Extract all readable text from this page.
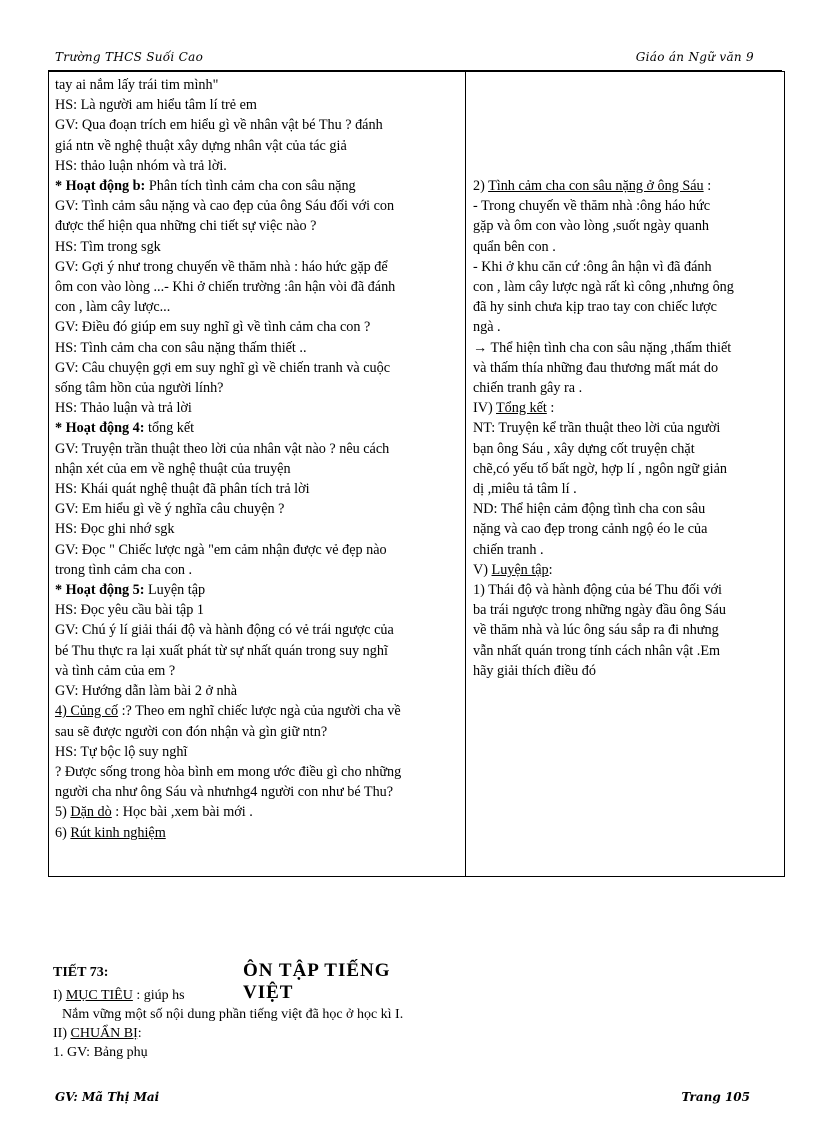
Trường THCS Suối Cao	Giáo án Ngữ văn 9
tay ai nắm lấy trái tim mình"
HS: Là người am hiểu tâm lí trẻ em
GV: Qua đoạn trích em hiểu gì về nhân vật bé Thu ? đánh
giá ntn về nghệ thuật xây dựng nhân vật của tác giả
HS: thảo luận nhóm và trả lời.
* Hoạt động b: Phân tích tình cảm cha con sâu nặng
GV: Tình cảm sâu nặng và cao đẹp của ông Sáu đối với con
được thể hiện qua những chi tiết sự việc nào ?
HS: Tìm trong sgk
GV: Gợi ý như trong chuyến về thăm nhà : háo hức gặp để
ôm con vào lòng ...- Khi ở chiến trường :ân hận vòi đã đánh
con , làm cây lược...
GV: Điều đó giúp em suy nghĩ gì về tình cảm cha con ?
HS: Tình cảm cha con sâu nặng thấm thiết ..
GV: Câu chuyện gợi em suy nghĩ gì về chiến tranh và cuộc
sống tâm hồn của người lính?
HS: Thảo luận và trả lời
* Hoạt động 4: tổng kết
GV: Truyện trần thuật theo lời của nhân vật nào ? nêu cách
nhận xét của em về nghệ thuật của truyện
HS: Khái quát nghệ thuật đã phân tích trả lời
GV: Em hiểu gì về ý nghĩa câu chuyện ?
HS: Đọc ghi nhớ sgk
GV: Đọc " Chiếc lược ngà "em cảm nhận được vẻ đẹp nào
trong tình cảm cha con .
* Hoạt động 5: Luyện tập
HS: Đọc yêu cầu bài tập 1
GV: Chú ý lí giải thái độ và hành động có vẻ trái ngược của
bé Thu thực ra lại xuất phát từ sự nhất quán trong suy nghĩ
và tình cảm của em ?
GV: Hướng dẫn làm bài 2 ở nhà
4) Củng cố :? Theo em nghĩ chiếc lược ngà của người cha về
sau sẽ được người con đón nhận và gìn giữ ntn?
HS: Tự bộc lộ suy nghĩ
? Được sống trong hòa bình em mong ước điều gì cho những
người cha như ông Sáu và nhưnhg4 người con như bé Thu?
5) Dặn dò : Học bài ,xem bài mới .
6) Rút kinh nghiệm

2) Tình cảm cha con sâu nặng ở ông Sáu :
- Trong chuyến về thăm nhà :ông háo hức
gặp và ôm con vào lòng ,suốt ngày quanh
quẩn bên con .
- Khi ở khu căn cứ :ông ân hận vì đã đánh
con , làm cây lược ngà rất kì công ,nhưng ông
đã hy sinh chưa kịp trao tay con chiếc lược
ngà .
→ Thể hiện tình cha con sâu nặng ,thấm thiết
và thấm thía những đau thương mất mát do
chiến tranh gây ra .
IV) Tổng kết :
NT: Truyện kể trần thuật theo lời của người
bạn ông Sáu , xây dựng cốt truyện chặt
chẽ,có yếu tố bất ngờ, hợp lí , ngôn ngữ giản
dị ,miêu tả tâm lí .
ND: Thể hiện cảm động tình cha con sâu
nặng và cao đẹp trong cảnh ngộ éo le của
chiến tranh .
V) Luyện tập:
1) Thái độ và hành động của bé Thu đối với
ba trái ngược trong những ngày đầu ông Sáu
về thăm nhà và lúc ông sáu sắp ra đi nhưng
vẫn nhất quán trong tính cách nhân vật .Em
hãy giải thích điều đó
TIẾT 73:	ÔN TẬP TIẾNG VIỆT
I) MỤC TIÊU : giúp hs
Nắm vững một số nội dung phần tiếng việt đã học ở học kì I.
II) CHUẨN BỊ:
1. GV: Bảng phụ
GV: Mã Thị Mai	Trang 105
